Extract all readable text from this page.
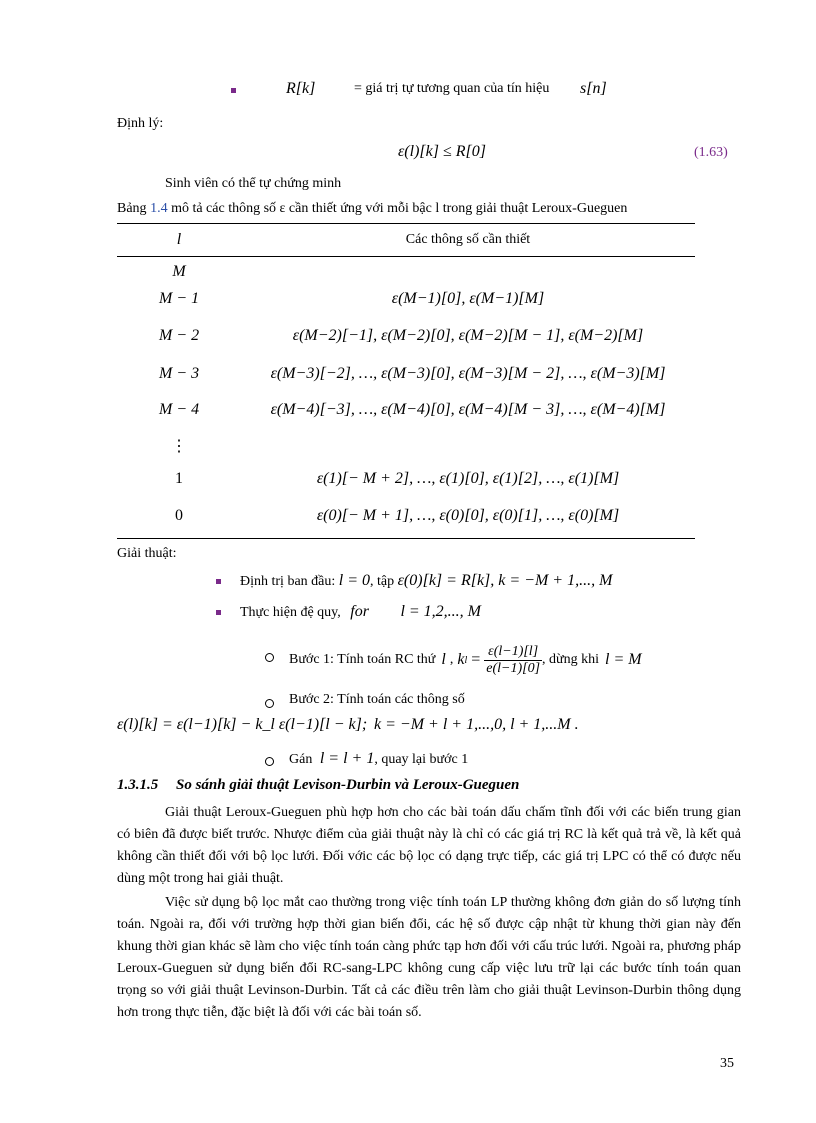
R[k]	= giá trị tự tương quan của tín hiệu s[n]
Định lý:
ε(l)[k] ≤ R[0]	(1.63)
Sinh viên có thể tự chứng minh
Bảng 1.4 mô tả các thông số ε cần thiết ứng với mỗi bậc l trong giải thuật Leroux-Gueguen
l	Các thông số cần thiết
M
M − 1	ε(M−1)[0], ε(M−1)[M]
M − 2	ε(M−2)[−1], ε(M−2)[0], ε(M−2)[M − 1], ε(M−2)[M]
M − 3	ε(M−3)[−2], …, ε(M−3)[0], ε(M−3)[M − 2], …, ε(M−3)[M]
M − 4	ε(M−4)[−3], …, ε(M−4)[0], ε(M−4)[M − 3], …, ε(M−4)[M]
⋮
1	ε(1)[− M + 2], …, ε(1)[0], ε(1)[2], …, ε(1)[M]
0	ε(0)[− M + 1], …, ε(0)[0], ε(0)[1], …, ε(0)[M]
Giải thuật:
Định trị ban đầu: l = 0, tập ε(0)[k] = R[k], k = −M + 1,..., M
Thực hiện đệ quy, for l = 1,2,..., M
Bước 1: Tính toán RC thứ l , k $l = \frac{\varepsilon(l-1)[l]}{e(l-1)[0]}$ , dừng khi l = M
Bước 2: Tính toán các thông số
ε(l)[k] = ε(l−1)[k] − k_l ε(l−1)[l − k]; k = −M + l + 1,...,0, l + 1,...M .
Gán l = l + 1, quay lại bước 1
1.3.1.5 So sánh giải thuật Levison-Durbin và Leroux-Gueguen

Giải thuật Leroux-Gueguen phù hợp hơn cho các bài toán dấu chấm tĩnh đối với các biến trung gian có biên đã được biết trước. Nhược điểm của giải thuật này là chỉ có các giá trị RC là kết quả trả về, là kết quả không cần thiết đối với bộ lọc lưới. Đối vớic các bộ lọc có dạng trực tiếp, các giá trị LPC có thể có được nếu dùng một trong hai giải thuật.

Việc sử dụng bộ lọc mắt cao thường trong việc tính toán LP thường không đơn giản do số lượng tính toán. Ngoài ra, đối với trường hợp thời gian biến đổi, các hệ số được cập nhật từ khung thời gian này đến khung thời gian khác sẽ làm cho việc tính toán càng phức tạp hơn đối với cấu trúc lưới. Ngoài ra, phương pháp Leroux-Gueguen sử dụng biến đổi RC-sang-LPC không cung cấp việc lưu trữ lại các bước tính toán quan trọng so với giải thuật Levinson-Durbin. Tất cả các điều trên làm cho giải thuật Levinson-Durbin thông dụng hơn trong thực tiễn, đặc biệt là đối với các bài toán số.

35
